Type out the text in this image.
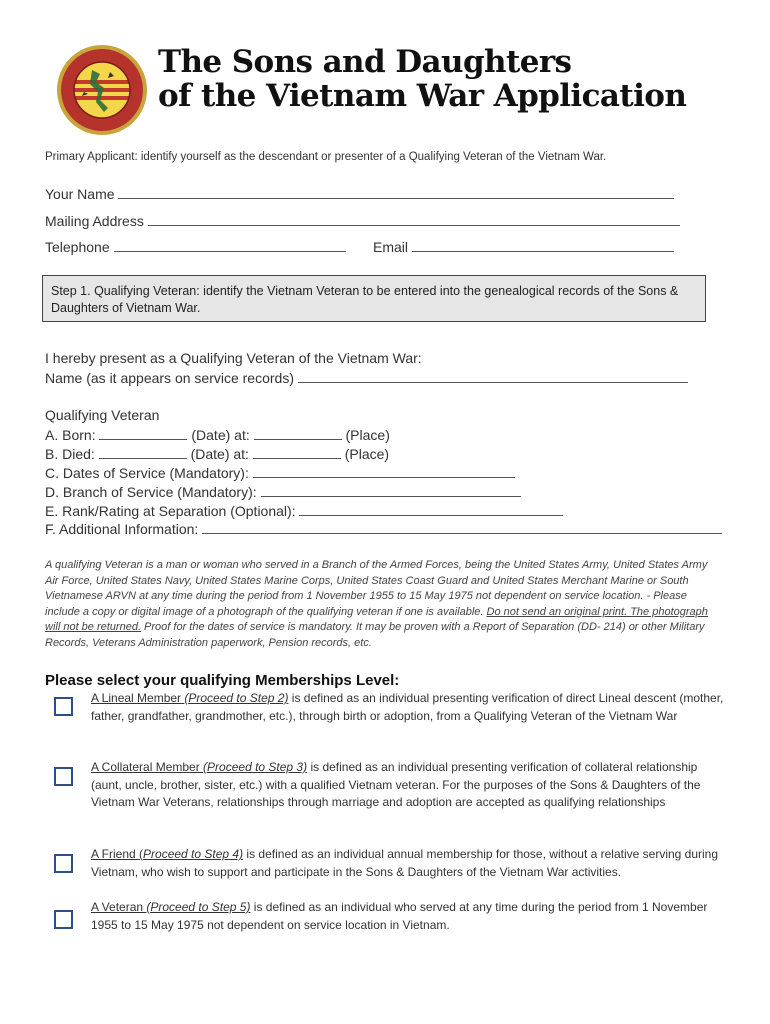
The Sons and Daughters
of the Vietnam War Application
Primary Applicant: identify yourself as the descendant or presenter of a Qualifying Veteran of the Vietnam War.
Your Name
Mailing Address
Telephone	Email
Step 1. Qualifying Veteran: identify the Vietnam Veteran to be entered into the genealogical records of the Sons & Daughters of Vietnam War.
I hereby present as a Qualifying Veteran of the Vietnam War:
Name (as it appears on service records)
Qualifying Veteran
A. Born:	(Date) at:	(Place)
B. Died:	(Date) at:	(Place)
C. Dates of Service (Mandatory):
D. Branch of Service (Mandatory):
E. Rank/Rating at Separation (Optional):
F. Additional Information:
A qualifying Veteran is a man or woman who served in a Branch of the Armed Forces, being the United States Army, United States Army Air Force, United States Navy, United States Marine Corps, United States Coast Guard and United States Merchant Marine or South Vietnamese ARVN at any time during the period from 1 November 1955 to 15 May 1975 not dependent on service location. - Please include a copy or digital image of a photograph of the qualifying veteran if one is available. Do not send an original print. The photograph will not be returned. Proof for the dates of service is mandatory. It may be proven with a Report of Separation (DD- 214) or other Military Records, Veterans Administration paperwork, Pension records, etc.
Please select your qualifying Memberships Level:
A Lineal Member (Proceed to Step 2) is defined as an individual presenting verification of direct Lineal descent (mother, father, grandfather, grandmother, etc.), through birth or adoption, from a Qualifying Veteran of the Vietnam War
A Collateral Member (Proceed to Step 3) is defined as an individual presenting verification of collateral relationship (aunt, uncle, brother, sister, etc.) with a qualified Vietnam veteran. For the purposes of the Sons & Daughters of the Vietnam War Veterans, relationships through marriage and adoption are accepted as qualifying relationships
A Friend (Proceed to Step 4) is defined as an individual annual membership for those, without a relative serving during Vietnam, who wish to support and participate in the Sons & Daughters of the Vietnam War activities.
A Veteran (Proceed to Step 5) is defined as an individual who served at any time during the period from 1 November 1955 to 15 May 1975 not dependent on service location in Vietnam.
